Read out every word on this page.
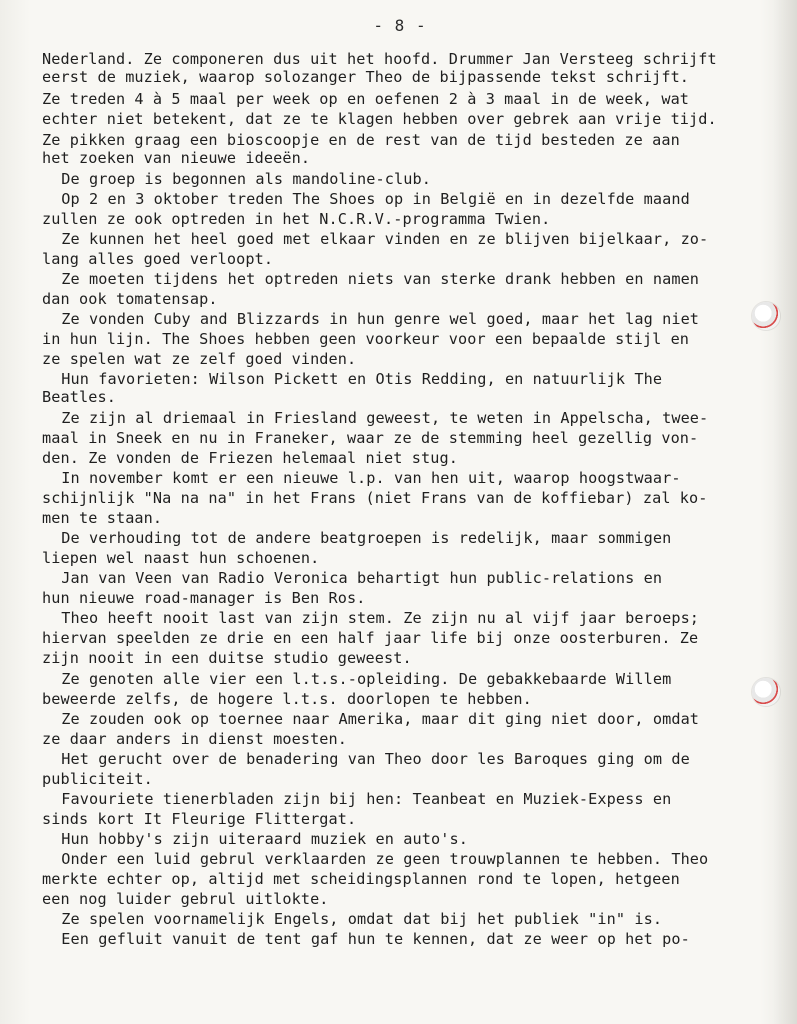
- 8 -
Nederland. Ze componeren dus uit het hoofd. Drummer Jan Versteeg schrijft
eerst de muziek, waarop solozanger Theo de bijpassende tekst schrijft.
Ze treden 4 à 5 maal per week op en oefenen 2 à 3 maal in de week, wat
echter niet betekent, dat ze te klagen hebben over gebrek aan vrije tijd.
Ze pikken graag een bioscoopje en de rest van de tijd besteden ze aan
het zoeken van nieuwe ideeën.
De groep is begonnen als mandoline-club.
Op 2 en 3 oktober treden The Shoes op in België en in dezelfde maand
zullen ze ook optreden in het N.C.R.V.-programma Twien.
Ze kunnen het heel goed met elkaar vinden en ze blijven bijelkaar, zo-
lang alles goed verloopt.
Ze moeten tijdens het optreden niets van sterke drank hebben en namen
dan ook tomatensap.
Ze vonden Cuby and Blizzards in hun genre wel goed, maar het lag niet
in hun lijn. The Shoes hebben geen voorkeur voor een bepaalde stijl en
ze spelen wat ze zelf goed vinden.
Hun favorieten: Wilson Pickett en Otis Redding, en natuurlijk The
Beatles.
Ze zijn al driemaal in Friesland geweest, te weten in Appelscha, twee-
maal in Sneek en nu in Franeker, waar ze de stemming heel gezellig von-
den. Ze vonden de Friezen helemaal niet stug.
In november komt er een nieuwe l.p. van hen uit, waarop hoogstwaar-
schijnlijk "Na na na" in het Frans (niet Frans van de koffiebar) zal ko-
men te staan.
De verhouding tot de andere beatgroepen is redelijk, maar sommigen
liepen wel naast hun schoenen.
Jan van Veen van Radio Veronica behartigt hun public-relations en
hun nieuwe road-manager is Ben Ros.
Theo heeft nooit last van zijn stem. Ze zijn nu al vijf jaar beroeps;
hiervan speelden ze drie en een half jaar life bij onze oosterburen. Ze
zijn nooit in een duitse studio geweest.
Ze genoten alle vier een l.t.s.-opleiding. De gebakkebaarde Willem
beweerde zelfs, de hogere l.t.s. doorlopen te hebben.
Ze zouden ook op toernee naar Amerika, maar dit ging niet door, omdat
ze daar anders in dienst moesten.
Het gerucht over de benadering van Theo door les Baroques ging om de
publiciteit.
Favouriete tienerbladen zijn bij hen: Teanbeat en Muziek-Expess en
sinds kort It Fleurige Flittergat.
Hun hobby's zijn uiteraard muziek en auto's.
Onder een luid gebrul verklaarden ze geen trouwplannen te hebben. Theo
merkte echter op, altijd met scheidingsplannen rond te lopen, hetgeen
een nog luider gebrul uitlokte.
Ze spelen voornamelijk Engels, omdat dat bij het publiek "in" is.
Een gefluit vanuit de tent gaf hun te kennen, dat ze weer op het po-
